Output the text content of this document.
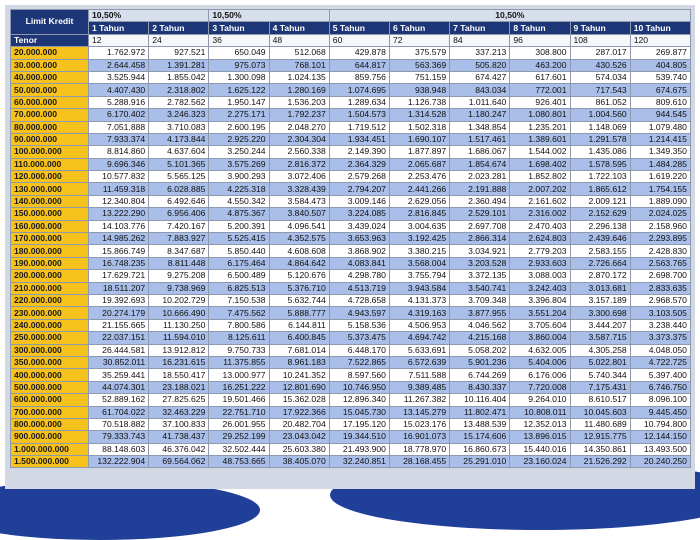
Limit Kredit	10,50%		10,50%		10,50%					
	1 Tahun	2 Tahun	3 Tahun	4 Tahun	5 Tahun	6 Tahun	7 Tahun	8 Tahun	9 Tahun	10 Tahun
Tenor	12	24	36	48	60	72	84	96	108	120
20.000.000	1.762.972	927.521	650.049	512.068	429.878	375.579	337.213	308.800	287.017	269.877
30.000.000	2.644.458	1.391.281	975.073	768.101	644.817	563.369	505.820	463.200	430.526	404.805
40.000.000	3.525.944	1.855.042	1.300.098	1.024.135	859.756	751.159	674.427	617.601	574.034	539.740
50.000.000	4.407.430	2.318.802	1.625.122	1.280.169	1.074.695	938.948	843.034	772.001	717.543	674.675
60.000.000	5.288.916	2.782.562	1.950.147	1.536.203	1.289.634	1.126.738	1.011.640	926.401	861.052	809.610
70.000.000	6.170.402	3.246.323	2.275.171	1.792.237	1.504.573	1.314.528	1.180.247	1.080.801	1.004.560	944.545
80.000.000	7.051.888	3.710.083	2.600.195	2.048.270	1.719.512	1.502.318	1.348.854	1.235.201	1.148.069	1.079.480
90.000.000	7.933.374	4.173.844	2.925.220	2.304.304	1.934.451	1.690.107	1.517.461	1.389.601	1.291.578	1.214.415
100.000.000	8.814.860	4.637.604	3.250.244	2.560.338	2.149.390	1.877.897	1.686.067	1.544.002	1.435.086	1.349.350
110.000.000	9.696.346	5.101.365	3.575.269	2.816.372	2.364.329	2.065.687	1.854.674	1.698.402	1.578.595	1.484.285
120.000.000	10.577.832	5.565.125	3.900.293	3.072.406	2.579.268	2.253.476	2.023.281	1.852.802	1.722.103	1.619.220
130.000.000	11.459.318	6.028.885	4.225.318	3.328.439	2.794.207	2.441.266	2.191.888	2.007.202	1.865.612	1.754.155
140.000.000	12.340.804	6.492.646	4.550.342	3.584.473	3.009.146	2.629.056	2.360.494	2.161.602	2.009.121	1.889.090
150.000.000	13.222.290	6.956.406	4.875.367	3.840.507	3.224.085	2.816.845	2.529.101	2.316.002	2.152.629	2.024.025
160.000.000	14.103.776	7.420.167	5.200.391	4.096.541	3.439.024	3.004.635	2.697.708	2.470.403	2.296.138	2.158.960
170.000.000	14.985.262	7.883.927	5.525.415	4.352.575	3.653.963	3.192.425	2.866.314	2.624.803	2.439.646	2.293.895
180.000.000	15.866.749	8.347.687	5.850.440	4.608.608	3.868.902	3.380.215	3.034.921	2.779.203	2.583.155	2.428.830
190.000.000	16.748.235	8.811.448	6.175.464	4.864.642	4.083.841	3.568.004	3.203.528	2.933.603	2.726.664	2.563.765
200.000.000	17.629.721	9.275.208	6.500.489	5.120.676	4.298.780	3.755.794	3.372.135	3.088.003	2.870.172	2.698.700
210.000.000	18.511.207	9.738.969	6.825.513	5.376.710	4.513.719	3.943.584	3.540.741	3.242.403	3.013.681	2.833.635
220.000.000	19.392.693	10.202.729	7.150.538	5.632.744	4.728.658	4.131.373	3.709.348	3.396.804	3.157.189	2.968.570
230.000.000	20.274.179	10.666.490	7.475.562	5.888.777	4.943.597	4.319.163	3.877.955	3.551.204	3.300.698	3.103.505
240.000.000	21.155.665	11.130.250	7.800.586	6.144.811	5.158.536	4.506.953	4.046.562	3.705.604	3.444.207	3.238.440
250.000.000	22.037.151	11.594.010	8.125.611	6.400.845	5.373.475	4.694.742	4.215.168	3.860.004	3.587.715	3.373.375
300.000.000	26.444.581	13.912.812	9.750.733	7.681.014	6.448.170	5.633.691	5.058.202	4.632.005	4.305.258	4.048.050
350.000.000	30.852.011	16.231.615	11.375.855	8.961.183	7.522.865	6.572.639	5.901.236	5.404.006	5.022.801	4.722.725
400.000.000	35.259.441	18.550.417	13.000.977	10.241.352	8.597.560	7.511.588	6.744.269	6.176.006	5.740.344	5.397.400
500.000.000	44.074.301	23.188.021	16.251.222	12.801.690	10.746.950	9.389.485	8.430.337	7.720.008	7.175.431	6.746.750
600.000.000	52.889.162	27.825.625	19.501.466	15.362.028	12.896.340	11.267.382	10.116.404	9.264.010	8.610.517	8.096.100
700.000.000	61.704.022	32.463.229	22.751.710	17.922.366	15.045.730	13.145.279	11.802.471	10.808.011	10.045.603	9.445.450
800.000.000	70.518.882	37.100.833	26.001.955	20.482.704	17.195.120	15.023.176	13.488.539	12.352.013	11.480.689	10.794.800
900.000.000	79.333.743	41.738.437	29.252.199	23.043.042	19.344.510	16.901.073	15.174.606	13.896.015	12.915.775	12.144.150
1.000.000.000	88.148.603	46.376.042	32.502.444	25.603.380	21.493.900	18.778.970	16.860.673	15.440.016	14.350.861	13.493.500
1.500.000.000	132.222.904	69.564.062	48.753.665	38.405.070	32.240.851	28.168.455	25.291.010	23.160.024	21.526.292	20.240.250
